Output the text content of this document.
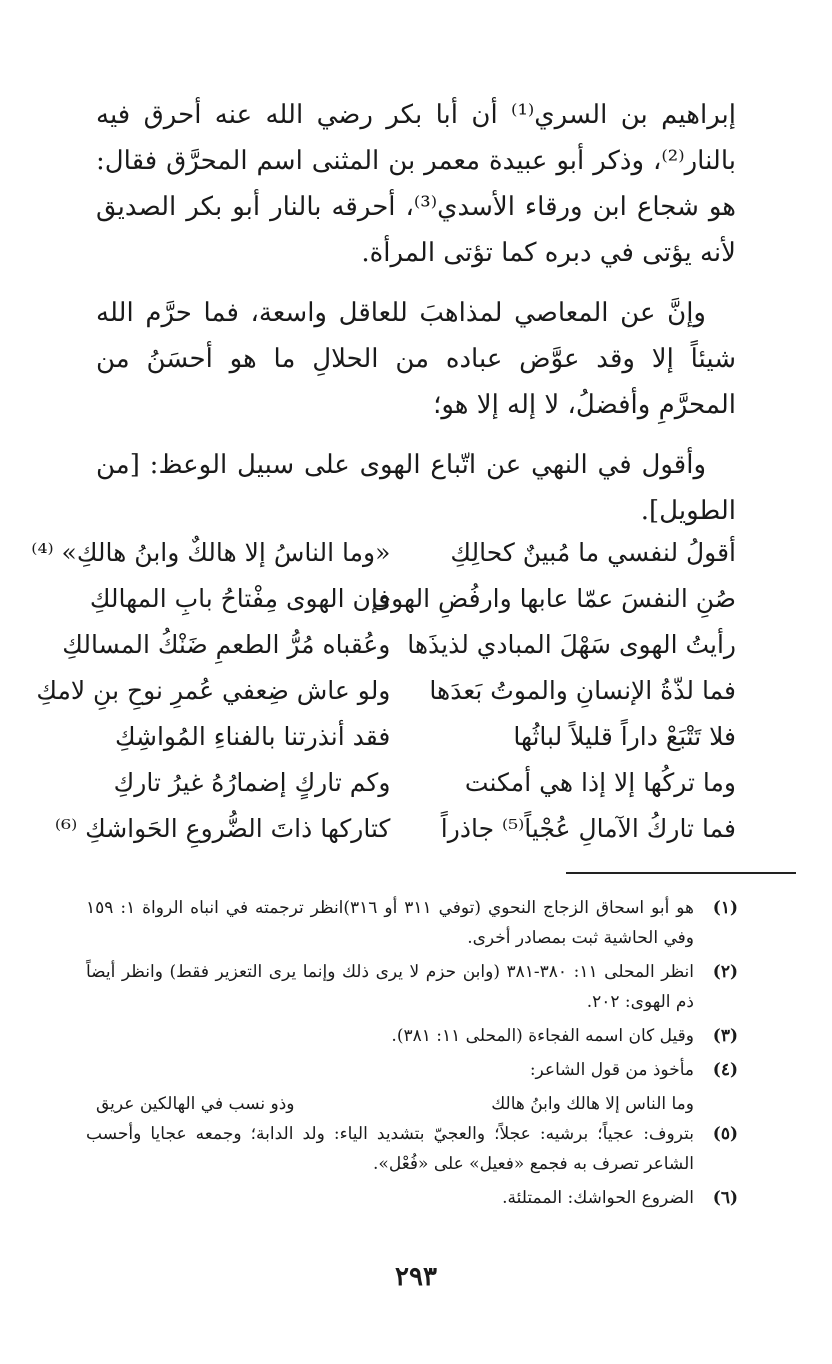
إبراهيم بن السري⁽¹⁾ أن أبا بكر رضي الله عنه أحرق فيه بالنار⁽²⁾، وذكر أبو عبيدة معمر بن المثنى اسم المحرَّق فقال: هو شجاع ابن ورقاء الأسدي⁽³⁾، أحرقه بالنار أبو بكر الصديق لأنه يؤتى في دبره كما تؤتى المرأة.

وإنَّ عن المعاصي لمذاهبَ للعاقل واسعة، فما حرَّم الله شيئاً إلا وقد عوَّض عباده من الحلالِ ما هو أحسَنُ من المحرَّمِ وأفضلُ، لا إله إلا هو؛

وأقول في النهي عن اتّباع الهوى على سبيل الوعظ: [من الطويل].

أقولُ لنفسي ما مُبينٌ كحالِكِ
«وما الناسُ إلا هالكٌ وابنُ هالكِ» ⁽⁴⁾
صُنِ النفسَ عمّا عابها وارفُضِ الهوى
فإن الهوى مِفْتاحُ بابِ المهالكِ
رأيتُ الهوى سَهْلَ المبادي لذيذَها
وعُقباه مُرُّ الطعمِ ضَنْكُ المسالكِ
فما لذّةُ الإنسانِ والموتُ بَعدَها
ولو عاش ضِعفي عُمرِ نوحِ بنِ لامكِ
فلا تَتْبَعْ داراً قليلاً لباثُها
فقد أنذرتنا بالفناءِ المُواشِكِ
وما تركُها إلا إذا هي أمكنت
وكم تاركٍ إضمارُهُ غيرُ تاركِ
فما تاركُ الآمالِ عُجْياً⁽⁵⁾ جاذراً
كتاركها ذاتَ الضُّروعِ الحَواشكِ ⁽⁶⁾
(١)
هو أبو اسحاق الزجاج النحوي (توفي ٣١١ أو ٣١٦)انظر ترجمته في انباه الرواة ١: ١٥٩ وفي الحاشية ثبت بمصادر أخرى.
(٢)
انظر المحلى ١١: ٣٨٠-٣٨١ (وابن حزم لا يرى ذلك وإنما يرى التعزير فقط) وانظر أيضاً ذم الهوى: ٢٠٢.
(٣)
وقيل كان اسمه الفجاءة (المحلى ١١: ٣٨١).
(٤)
مأخوذ من قول الشاعر:
وما الناس إلا هالك وابنُ هالك
وذو نسب في الهالكين عريق
(٥)
بتروف: عجياً؛ برشيه: عجلاً؛ والعجيّ بتشديد الياء: ولد الدابة؛ وجمعه عجايا وأحسب الشاعر تصرف به فجمع «فعيل» على «فُعْل».
(٦)
الضروع الحواشك: الممتلئة.
٢٩٣
